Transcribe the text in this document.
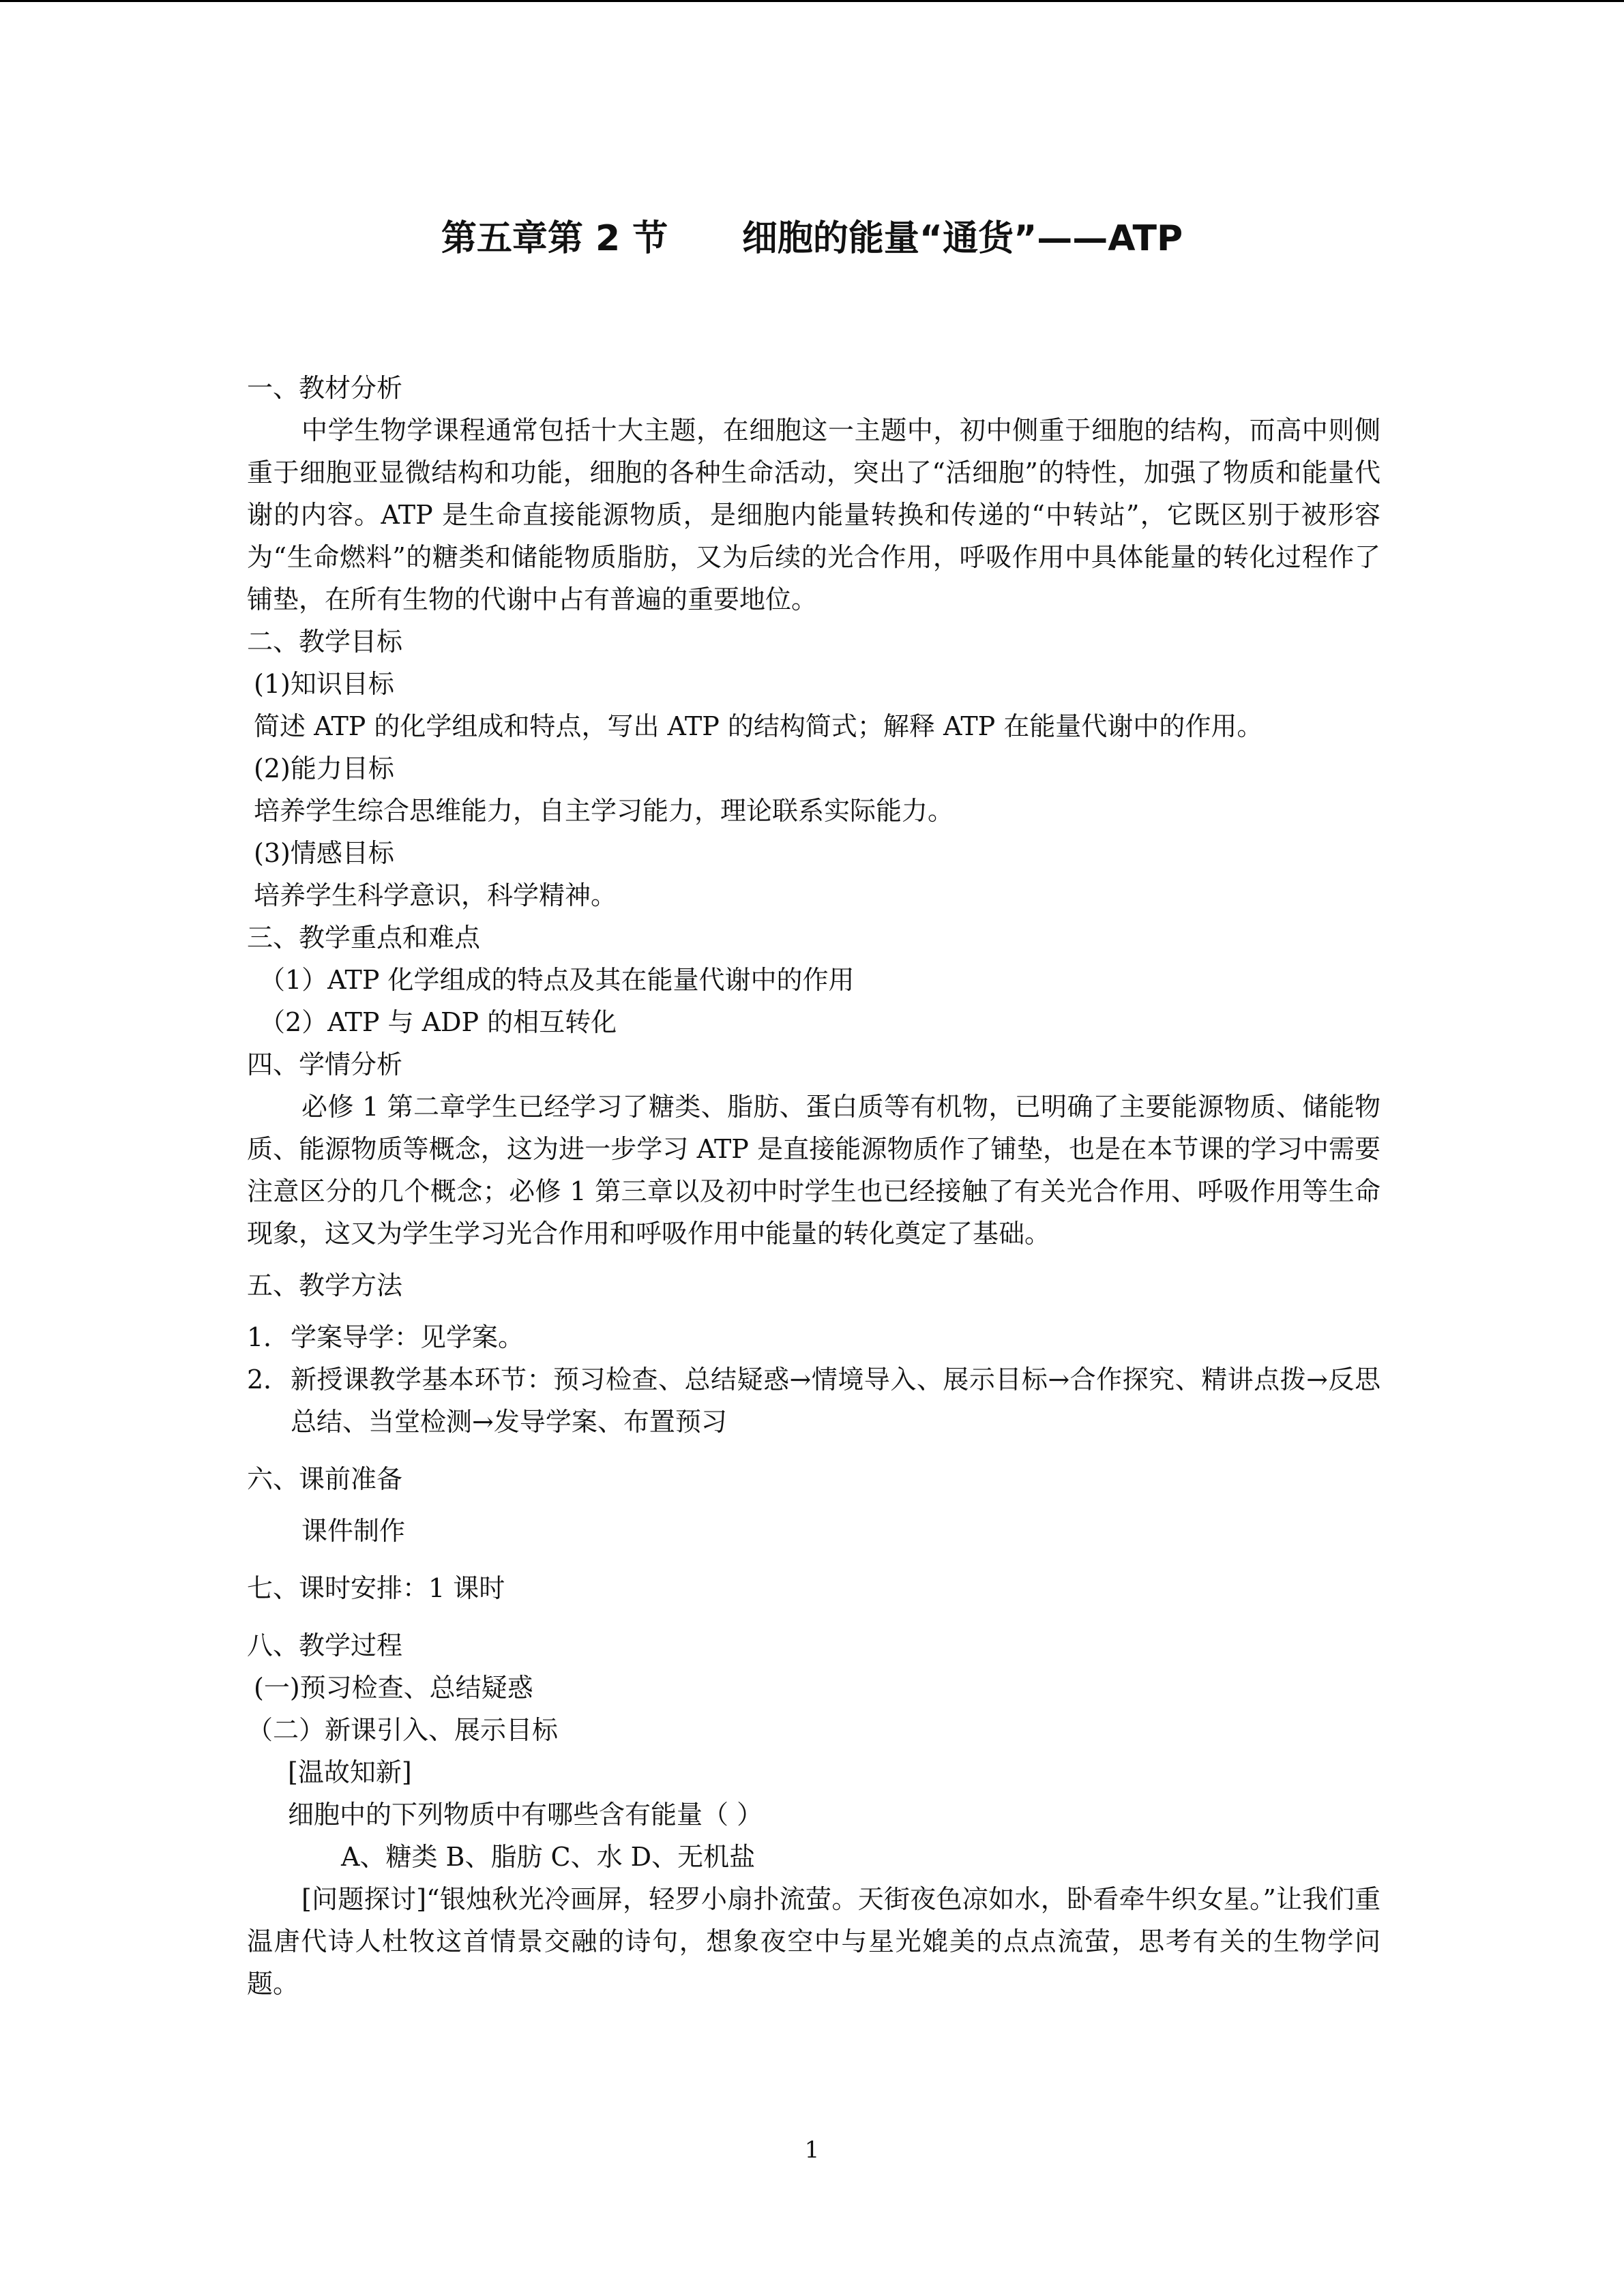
第五章第 2 节      细胞的能量“通货”——ATP

一、教材分析

中学生物学课程通常包括十大主题，在细胞这一主题中，初中侧重于细胞的结构，而高中则侧重于细胞亚显微结构和功能，细胞的各种生命活动，突出了“活细胞”的特性，加强了物质和能量代谢的内容。ATP 是生命直接能源物质，是细胞内能量转换和传递的“中转站”，它既区别于被形容为“生命燃料”的糖类和储能物质脂肪，又为后续的光合作用，呼吸作用中具体能量的转化过程作了铺垫，在所有生物的代谢中占有普遍的重要地位。

二、教学目标

(1)知识目标

简述 ATP 的化学组成和特点，写出 ATP 的结构简式；解释 ATP 在能量代谢中的作用。

(2)能力目标

培养学生综合思维能力，自主学习能力，理论联系实际能力。

(3)情感目标

培养学生科学意识，科学精神。

三、教学重点和难点

（1）ATP 化学组成的特点及其在能量代谢中的作用

（2）ATP 与 ADP 的相互转化

四、学情分析

必修 1 第二章学生已经学习了糖类、脂肪、蛋白质等有机物，已明确了主要能源物质、储能物质、能源物质等概念，这为进一步学习 ATP 是直接能源物质作了铺垫，也是在本节课的学习中需要注意区分的几个概念；必修 1 第三章以及初中时学生也已经接触了有关光合作用、呼吸作用等生命现象，这又为学生学习光合作用和呼吸作用中能量的转化奠定了基础。

五、教学方法

1． 学案导学：见学案。
2． 新授课教学基本环节：预习检查、总结疑惑→情境导入、展示目标→合作探究、精讲点拨→反思总结、当堂检测→发导学案、布置预习

六、课前准备

课件制作

七、课时安排：1 课时

八、教学过程

(一)预习检查、总结疑惑

（二）新课引入、展示目标

[温故知新]

细胞中的下列物质中有哪些含有能量（ ）

A、糖类 B、脂肪 C、水 D、无机盐

[问题探讨]“银烛秋光冷画屏，轻罗小扇扑流萤。天街夜色凉如水，卧看牵牛织女星。”让我们重温唐代诗人杜牧这首情景交融的诗句，想象夜空中与星光媲美的点点流萤，思考有关的生物学问题。

1
